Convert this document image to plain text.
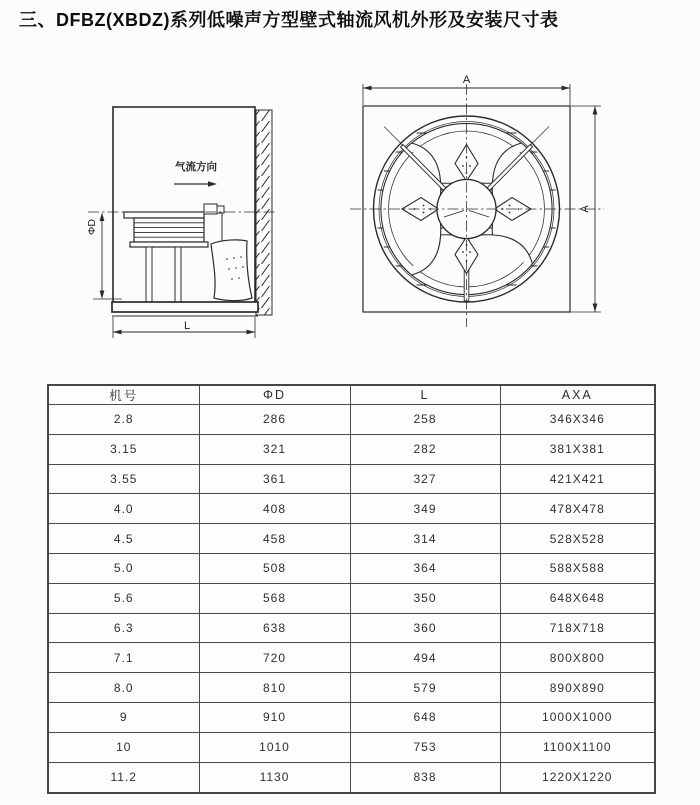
三、DFBZ(XBDZ)系列低噪声方型壁式轴流风机外形及安装尺寸表
气流方向
ΦD
L
A
A
机号	ΦD	L	AXA
2.8	286	258	346X346
3.15	321	282	381X381
3.55	361	327	421X421
4.0	408	349	478X478
4.5	458	314	528X528
5.0	508	364	588X588
5.6	568	350	648X648
6.3	638	360	718X718
7.1	720	494	800X800
8.0	810	579	890X890
9	910	648	1000X1000
10	1010	753	1100X1100
11.2	1130	838	1220X1220
